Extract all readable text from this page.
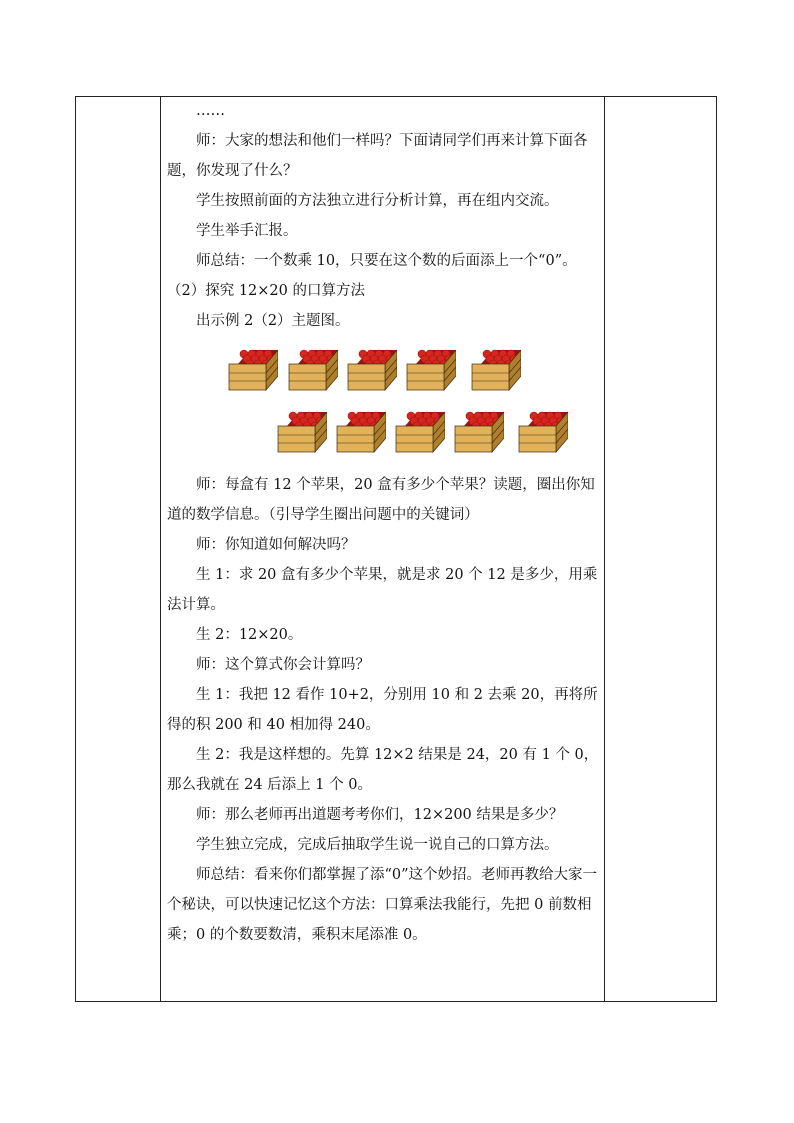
……

师：大家的想法和他们一样吗？下面请同学们再来计算下面各题，你发现了什么？

学生按照前面的方法独立进行分析计算，再在组内交流。

学生举手汇报。

师总结：一个数乘 10，只要在这个数的后面添上一个“0”。

（2）探究 12×20 的口算方法

出示例 2（2）主题图。

师：每盒有 12 个苹果，20 盒有多少个苹果？读题，圈出你知道的数学信息。（引导学生圈出问题中的关键词）

师：你知道如何解决吗？

生 1：求 20 盒有多少个苹果，就是求 20 个 12 是多少，用乘法计算。

生 2：12×20。

师：这个算式你会计算吗？

生 1：我把 12 看作 10+2，分别用 10 和 2 去乘 20，再将所得的积 200 和 40 相加得 240。

生 2：我是这样想的。先算 12×2 结果是 24，20 有 1 个 0，那么我就在 24 后添上 1 个 0。

师：那么老师再出道题考考你们，12×200 结果是多少？

学生独立完成，完成后抽取学生说一说自己的口算方法。

师总结：看来你们都掌握了添“0”这个妙招。老师再教给大家一个秘诀，可以快速记忆这个方法：口算乘法我能行，先把 0 前数相乘；0 的个数要数清，乘积末尾添准 0。
